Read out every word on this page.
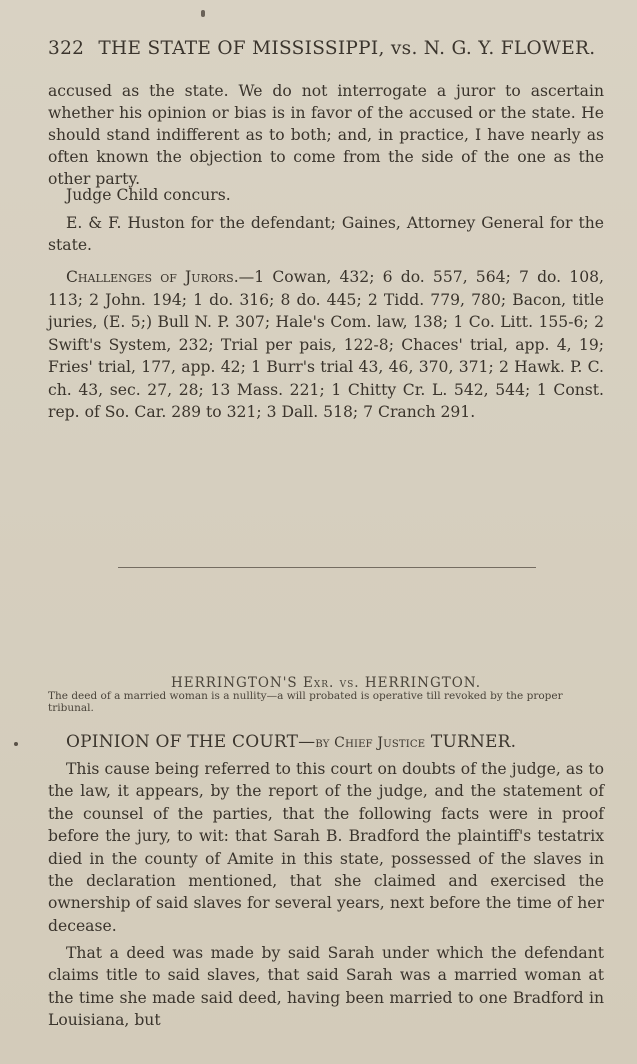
322 THE STATE OF MISSISSIPPI, vs. N. G. Y. FLOWER.

accused as the state. We do not interrogate a juror to ascertain whether his opinion or bias is in favor of the accused or the state. He should stand indifferent as to both; and, in practice, I have nearly as often known the objection to come from the side of the one as the other party.

Judge Child concurs.

E. & F. Huston for the defendant; Gaines, Attorney General for the state.

Challenges of Jurors.—1 Cowan, 432; 6 do. 557, 564; 7 do. 108, 113; 2 John. 194; 1 do. 316; 8 do. 445; 2 Tidd. 779, 780; Bacon, title juries, (E. 5;) Bull N. P. 307; Hale's Com. law, 138; 1 Co. Litt. 155-6; 2 Swift's System, 232; Trial per pais, 122-8; Chaces' trial, app. 4, 19; Fries' trial, 177, app. 42; 1 Burr's trial 43, 46, 370, 371; 2 Hawk. P. C. ch. 43, sec. 27, 28; 13 Mass. 221; 1 Chitty Cr. L. 542, 544; 1 Const. rep. of So. Car. 289 to 321; 3 Dall. 518; 7 Cranch 291.

HERRINGTON'S Exr. vs. HERRINGTON.
The deed of a married woman is a nullity—a will probated is operative till revoked by the proper tribunal.
OPINION OF THE COURT—by Chief Justice TURNER.

This cause being referred to this court on doubts of the judge, as to the law, it appears, by the report of the judge, and the statement of the counsel of the parties, that the following facts were in proof before the jury, to wit: that Sarah B. Bradford the plaintiff's testatrix died in the county of Amite in this state, possessed of the slaves in the declaration mentioned, that she claimed and exercised the ownership of said slaves for several years, next before the time of her decease.

That a deed was made by said Sarah under which the defendant claims title to said slaves, that said Sarah was a married woman at the time she made said deed, having been married to one Bradford in Louisiana, but
